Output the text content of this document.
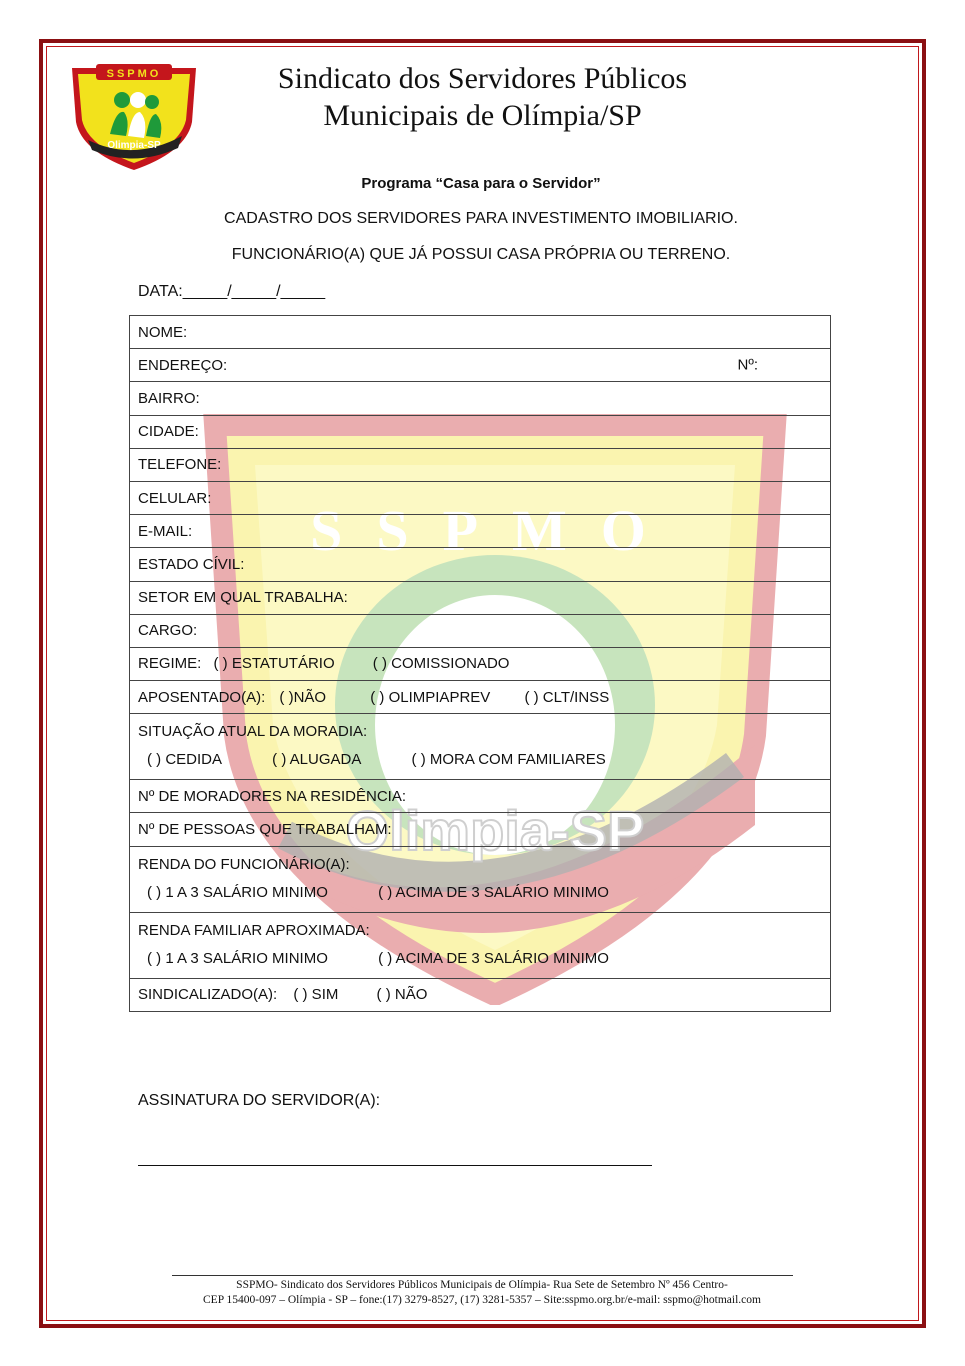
SSPMO
Olimpia-SP
SSPMO
Olimpia-SP
Sindicato dos Servidores Públicos
Municipais de Olímpia/SP
Programa “Casa para o Servidor”
CADASTRO DOS SERVIDORES PARA INVESTIMENTO IMOBILIARIO.
FUNCIONÁRIO(A) QUE JÁ POSSUI CASA PRÓPRIA OU TERRENO.
DATA:_____/_____/_____
NOME:
ENDEREÇO:	Nº:

BAIRRO:
CIDADE:
TELEFONE:
CELULAR:
E-MAIL:
ESTADO CÍVIL:
SETOR EM QUAL TRABALHA:
CARGO:
REGIME: ( ) ESTATUTÁRIO	( ) COMISSIONADO
APOSENTADO(A): ( )NÃO	( ) OLIMPIAPREV ( ) CLT/INSS

SITUAÇÃO ATUAL DA MORADIA:
( ) CEDIDA	( ) ALUGADA	( ) MORA COM FAMILIARES

Nº DE MORADORES NA RESIDÊNCIA:
Nº DE PESSOAS QUE TRABALHAM:

RENDA DO FUNCIONÁRIO(A):
( ) 1 A 3 SALÁRIO MINIMO	( ) ACIMA DE 3 SALÁRIO MINIMO

RENDA FAMILIAR APROXIMADA:
( ) 1 A 3 SALÁRIO MINIMO	( ) ACIMA DE 3 SALÁRIO MINIMO

SINDICALIZADO(A): ( ) SIM	( ) NÃO
ASSINATURA DO SERVIDOR(A):
SSPMO- Sindicato dos Servidores Públicos Municipais de Olímpia- Rua Sete de Setembro Nº 456 Centro-
CEP 15400-097 – Olímpia - SP – fone:(17) 3279-8527, (17) 3281-5357 – Site:sspmo.org.br/e-mail: sspmo@hotmail.com
